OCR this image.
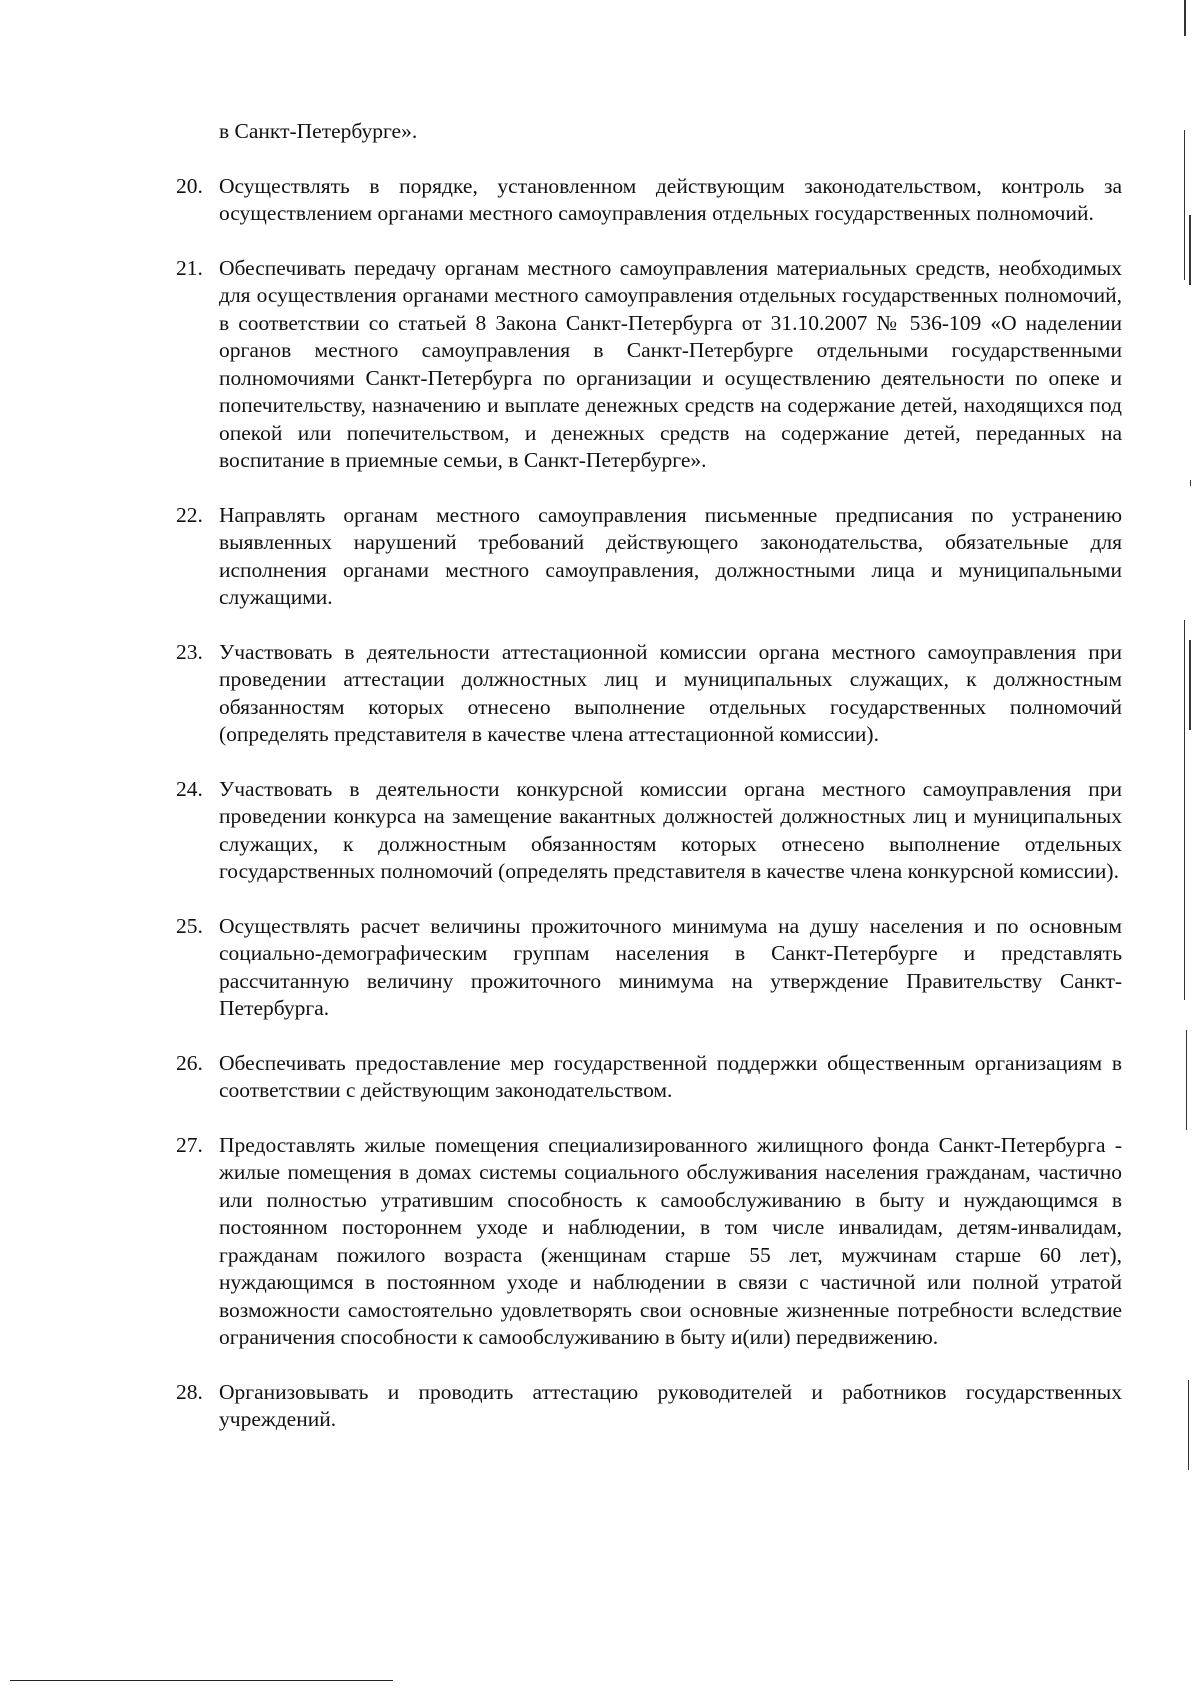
в Санкт-Петербурге».

20. Осуществлять в порядке, установленном действующим законодательством, контроль за осуществлением органами местного самоуправления отдельных государственных полномочий.
21. Обеспечивать передачу органам местного самоуправления материальных средств, необходимых для осуществления органами местного самоуправления отдельных государственных полномочий, в соответствии со статьей 8 Закона Санкт-Петербурга от 31.10.2007 № 536-109 «О наделении органов местного самоуправления в Санкт-Петербурге отдельными государственными полномочиями Санкт-Петербурга по организации и осуществлению деятельности по опеке и попечительству, назначению и выплате денежных средств на содержание детей, находящихся под опекой или попечительством, и денежных средств на содержание детей, переданных на воспитание в приемные семьи, в Санкт-Петербурге».
22. Направлять органам местного самоуправления письменные предписания по устранению выявленных нарушений требований действующего законодательства, обязательные для исполнения органами местного самоуправления, должностными лица и муниципальными служащими.
23. Участвовать в деятельности аттестационной комиссии органа местного самоуправления при проведении аттестации должностных лиц и муниципальных служащих, к должностным обязанностям которых отнесено выполнение отдельных государственных полномочий (определять представителя в качестве члена аттестационной комиссии).
24. Участвовать в деятельности конкурсной комиссии органа местного самоуправления при проведении конкурса на замещение вакантных должностей должностных лиц и муниципальных служащих, к должностным обязанностям которых отнесено выполнение отдельных государственных полномочий (определять представителя в качестве члена конкурсной комиссии).
25. Осуществлять расчет величины прожиточного минимума на душу населения и по основным социально-демографическим группам населения в Санкт-Петербурге и представлять рассчитанную величину прожиточного минимума на утверждение Правительству Санкт-Петербурга.
26. Обеспечивать предоставление мер государственной поддержки общественным организациям в соответствии с действующим законодательством.
27. Предоставлять жилые помещения специализированного жилищного фонда Санкт-Петербурга - жилые помещения в домах системы социального обслуживания населения гражданам, частично или полностью утратившим способность к самообслуживанию в быту и нуждающимся в постоянном постороннем уходе и наблюдении, в том числе инвалидам, детям-инвалидам, гражданам пожилого возраста (женщинам старше 55 лет, мужчинам старше 60 лет), нуждающимся в постоянном уходе и наблюдении в связи с частичной или полной утратой возможности самостоятельно удовлетворять свои основные жизненные потребности вследствие ограничения способности к самообслуживанию в быту и(или) передвижению.
28. Организовывать и проводить аттестацию руководителей и работников государственных учреждений.
